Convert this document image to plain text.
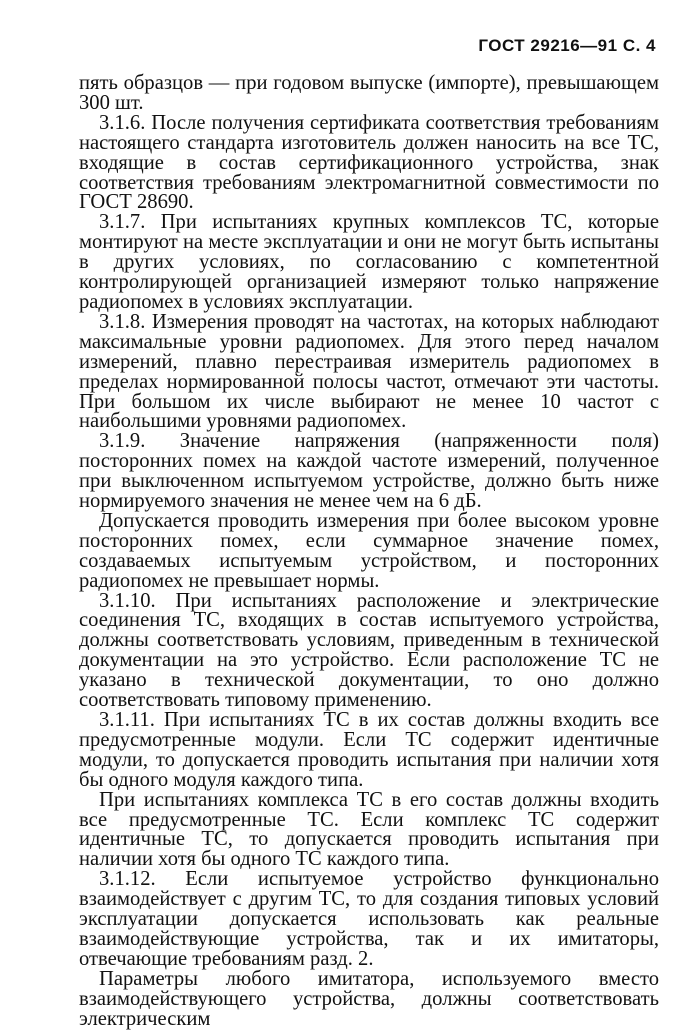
ГОСТ 29216—91 С. 4

пять образцов — при годовом выпуске (импорте), превышающем 300 шт.

3.1.6. После получения сертификата соответствия требованиям настоящего стандарта изготовитель должен наносить на все ТС, входящие в состав сертификационного устройства, знак соответствия требованиям электромагнитной совместимости по ГОСТ 28690.

3.1.7. При испытаниях крупных комплексов ТС, которые монтируют на месте эксплуатации и они не могут быть испытаны в других условиях, по согласованию с компетентной контролирующей организацией измеряют только напряжение радиопомех в условиях эксплуатации.

3.1.8. Измерения проводят на частотах, на которых наблюдают максимальные уровни радиопомех. Для этого перед началом измерений, плавно перестраивая измеритель радиопомех в пределах нормированной полосы частот, отмечают эти частоты. При большом их числе выбирают не менее 10 частот с наибольшими уровнями радиопомех.

3.1.9. Значение напряжения (напряженности поля) посторонних помех на каждой частоте измерений, полученное при выключенном испытуемом устройстве, должно быть ниже нормируемого значения не менее чем на 6 дБ.

Допускается проводить измерения при более высоком уровне посторонних помех, если суммарное значение помех, создаваемых испытуемым устройством, и посторонних радиопомех не превышает нормы.

3.1.10. При испытаниях расположение и электрические соединения ТС, входящих в состав испытуемого устройства, должны соответствовать условиям, приведенным в технической документации на это устройство. Если расположение ТС не указано в технической документации, то оно должно соответствовать типовому применению.

3.1.11. При испытаниях ТС в их состав должны входить все предусмотренные модули. Если ТС содержит идентичные модули, то допускается проводить испытания при наличии хотя бы одного модуля каждого типа.

При испытаниях комплекса ТС в его состав должны входить все предусмотренные ТС. Если комплекс ТС содержит идентичные ТС, то допускается проводить испытания при наличии хотя бы одного ТС каждого типа.

3.1.12. Если испытуемое устройство функционально взаимодействует с другим ТС, то для создания типовых условий эксплуатации допускается использовать как реальные взаимодействующие устройства, так и их имитаторы, отвечающие требованиям разд. 2.

Параметры любого имитатора, используемого вместо взаимодействующего устройства, должны соответствовать электрическим
